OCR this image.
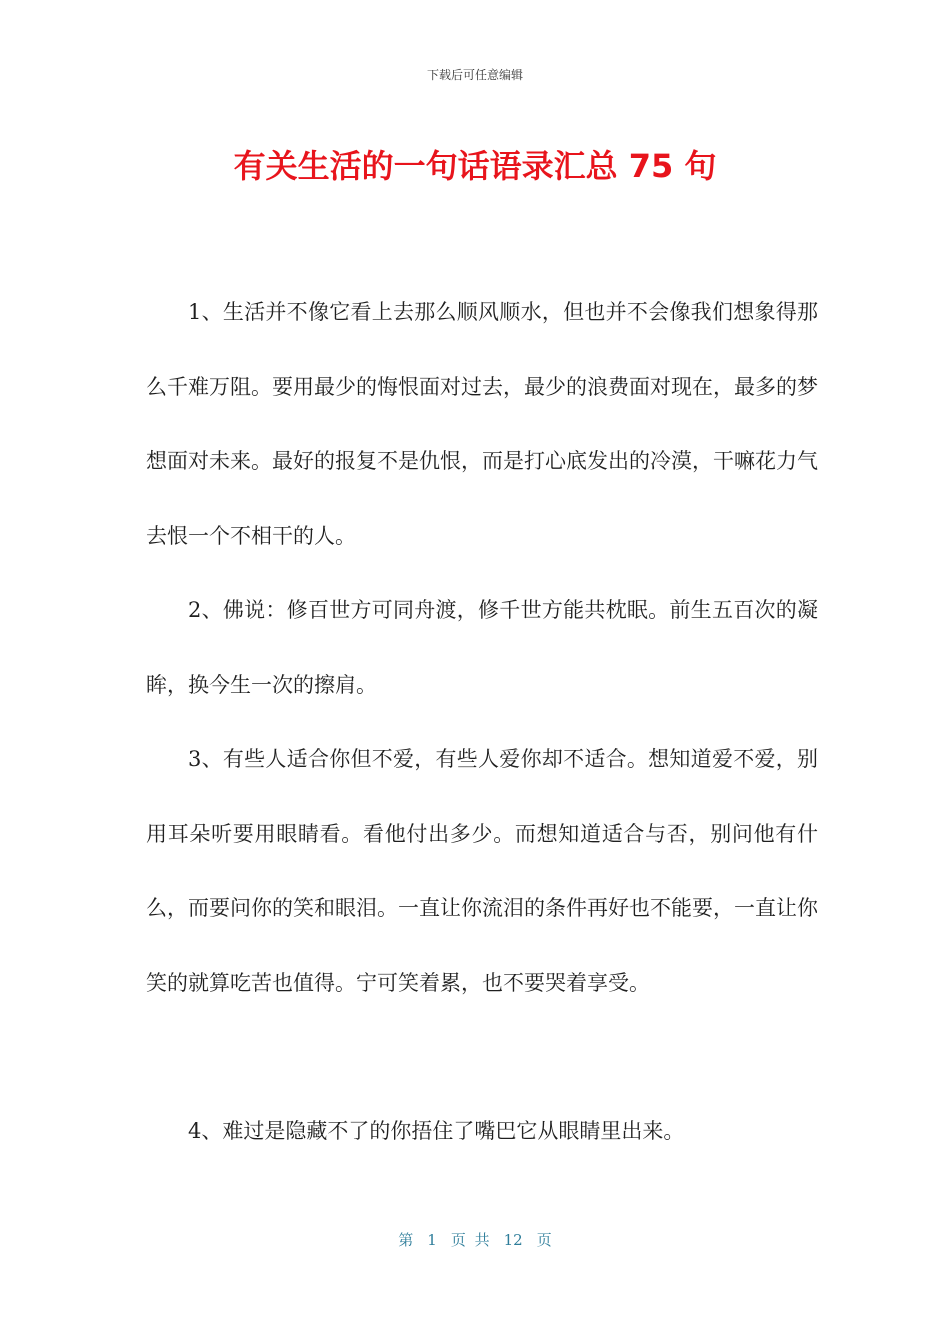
下载后可任意编辑
有关生活的一句话语录汇总 75 句

1、生活并不像它看上去那么顺风顺水，但也并不会像我们想象得那么千难万阻。要用最少的悔恨面对过去，最少的浪费面对现在，最多的梦想面对未来。最好的报复不是仇恨，而是打心底发出的冷漠，干嘛花力气去恨一个不相干的人。

2、佛说：修百世方可同舟渡，修千世方能共枕眠。前生五百次的凝眸，换今生一次的擦肩。

3、有些人适合你但不爱，有些人爱你却不适合。想知道爱不爱，别用耳朵听要用眼睛看。看他付出多少。而想知道适合与否，别问他有什么，而要问你的笑和眼泪。一直让你流泪的条件再好也不能要，一直让你笑的就算吃苦也值得。宁可笑着累，也不要哭着享受。

4、难过是隐藏不了的你捂住了嘴巴它从眼睛里出来。

第 1 页 共 12 页
